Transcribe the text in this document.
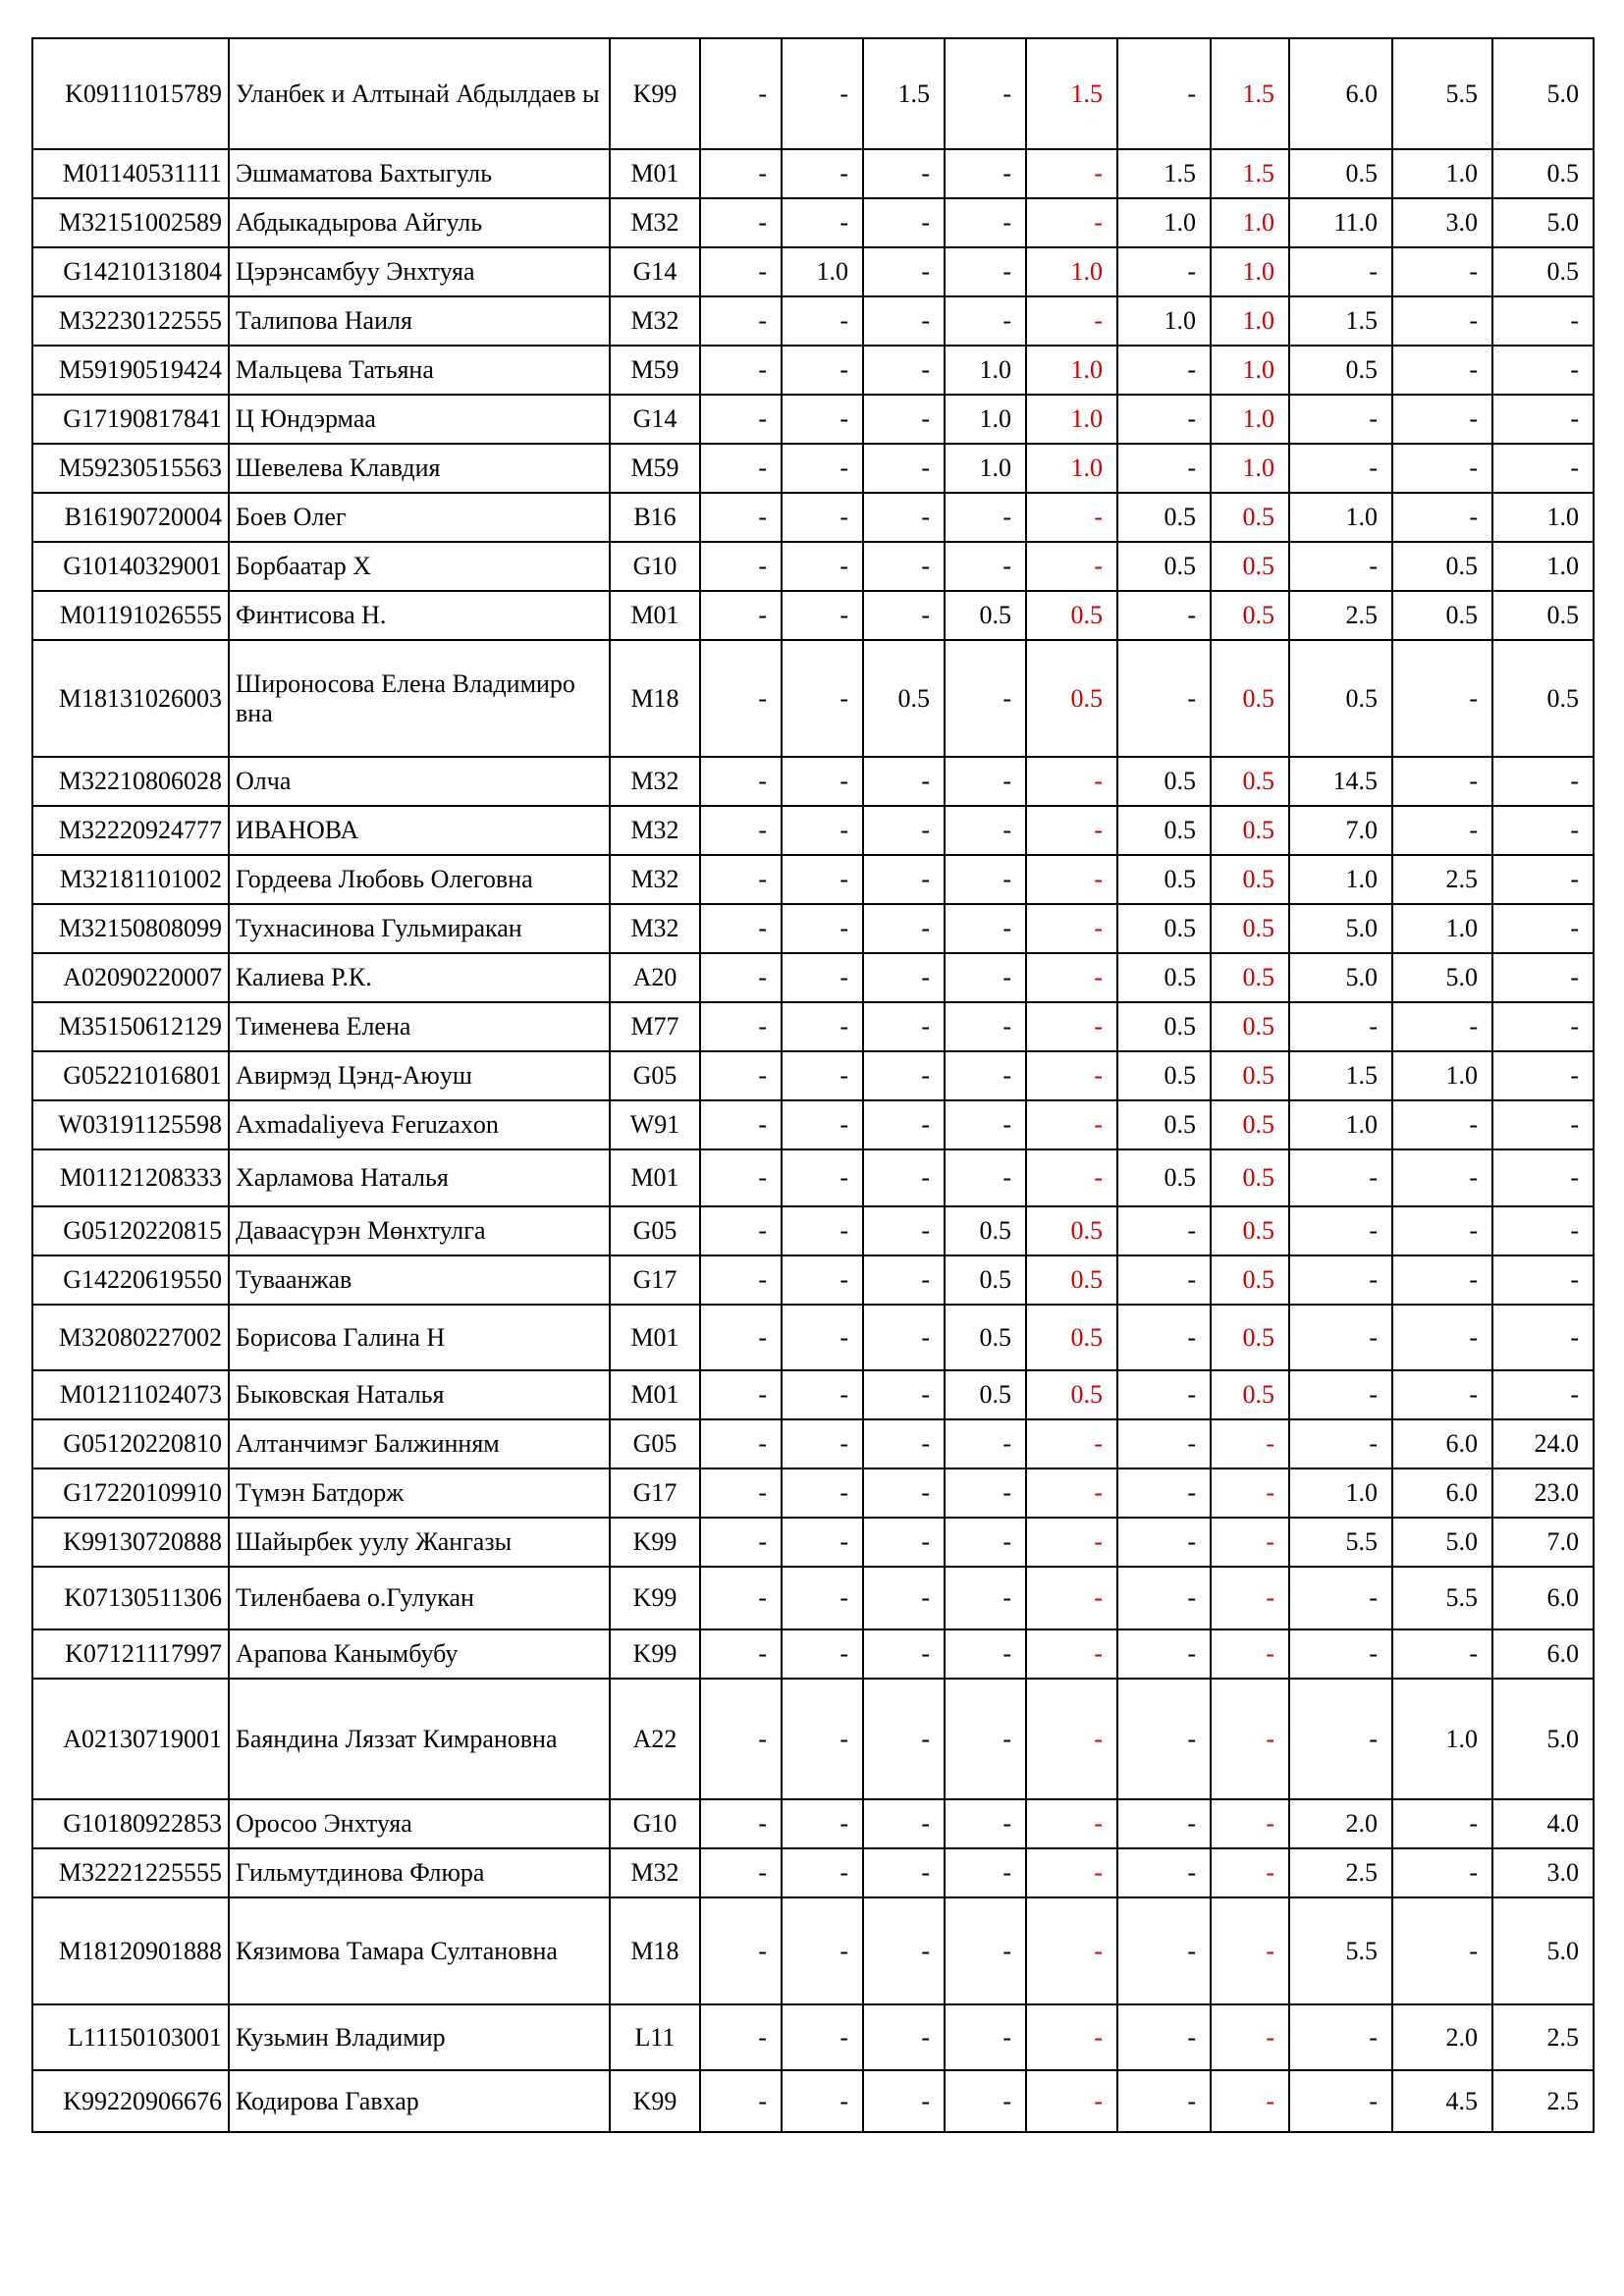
K09111015789	Уланбек и Алтынай Абдылдаев ы	K99	-	-	1.5	-	1.5	-	1.5	6.0	5.5	5.0
M01140531111	Эшмаматова Бахтыгуль	M01	-	-	-	-	-	1.5	1.5	0.5	1.0	0.5
M32151002589	Абдыкадырова Айгуль	M32	-	-	-	-	-	1.0	1.0	11.0	3.0	5.0
G14210131804	Цэрэнсамбуу Энхтуяа	G14	-	1.0	-	-	1.0	-	1.0	-	-	0.5
M32230122555	Талипова Наиля	M32	-	-	-	-	-	1.0	1.0	1.5	-	-
M59190519424	Мальцева Татьяна	M59	-	-	-	1.0	1.0	-	1.0	0.5	-	-
G17190817841	Ц Юндэрмаа	G14	-	-	-	1.0	1.0	-	1.0	-	-	-
M59230515563	Шевелева Клавдия	M59	-	-	-	1.0	1.0	-	1.0	-	-	-
B16190720004	Боев Олег	B16	-	-	-	-	-	0.5	0.5	1.0	-	1.0
G10140329001	Борбаатар Х	G10	-	-	-	-	-	0.5	0.5	-	0.5	1.0
M01191026555	Финтисова Н.	M01	-	-	-	0.5	0.5	-	0.5	2.5	0.5	0.5
M18131026003	Широносова Елена Владимиро вна	M18	-	-	0.5	-	0.5	-	0.5	0.5	-	0.5
M32210806028	Олча	M32	-	-	-	-	-	0.5	0.5	14.5	-	-
M32220924777	ИВАНОВА	M32	-	-	-	-	-	0.5	0.5	7.0	-	-
M32181101002	Гордеева Любовь Олеговна	M32	-	-	-	-	-	0.5	0.5	1.0	2.5	-
M32150808099	Тухнасинова Гульмиракан	M32	-	-	-	-	-	0.5	0.5	5.0	1.0	-
A02090220007	Калиева Р.К.	A20	-	-	-	-	-	0.5	0.5	5.0	5.0	-
M35150612129	Тименева Елена	M77	-	-	-	-	-	0.5	0.5	-	-	-
G05221016801	Авирмэд Цэнд-Аюуш	G05	-	-	-	-	-	0.5	0.5	1.5	1.0	-
W03191125598	Axmadaliyeva Feruzaxon	W91	-	-	-	-	-	0.5	0.5	1.0	-	-
M01121208333	Харламова Наталья	M01	-	-	-	-	-	0.5	0.5	-	-	-
G05120220815	Даваасүрэн Мөнхтулга	G05	-	-	-	0.5	0.5	-	0.5	-	-	-
G14220619550	Туваанжав	G17	-	-	-	0.5	0.5	-	0.5	-	-	-
M32080227002	Борисова Галина Н	M01	-	-	-	0.5	0.5	-	0.5	-	-	-
M01211024073	Быковская Наталья	M01	-	-	-	0.5	0.5	-	0.5	-	-	-
G05120220810	Алтанчимэг Балжинням	G05	-	-	-	-	-	-	-	-	6.0	24.0
G17220109910	Түмэн Батдорж	G17	-	-	-	-	-	-	-	1.0	6.0	23.0
K99130720888	Шайырбек уулу Жангазы	K99	-	-	-	-	-	-	-	5.5	5.0	7.0
K07130511306	Тиленбаева о.Гулукан	K99	-	-	-	-	-	-	-	-	5.5	6.0
K07121117997	Арапова Канымбубу	K99	-	-	-	-	-	-	-	-	-	6.0
A02130719001	Баяндина Ляззат Кимрановна	A22	-	-	-	-	-	-	-	-	1.0	5.0
G10180922853	Оросоо Энхтуяа	G10	-	-	-	-	-	-	-	2.0	-	4.0
M32221225555	Гильмутдинова Флюра	M32	-	-	-	-	-	-	-	2.5	-	3.0
M18120901888	Кязимова Тамара Султановна	M18	-	-	-	-	-	-	-	5.5	-	5.0
L11150103001	Кузьмин Владимир	L11	-	-	-	-	-	-	-	-	2.0	2.5
K99220906676	Кодирова Гавхар	K99	-	-	-	-	-	-	-	-	4.5	2.5
